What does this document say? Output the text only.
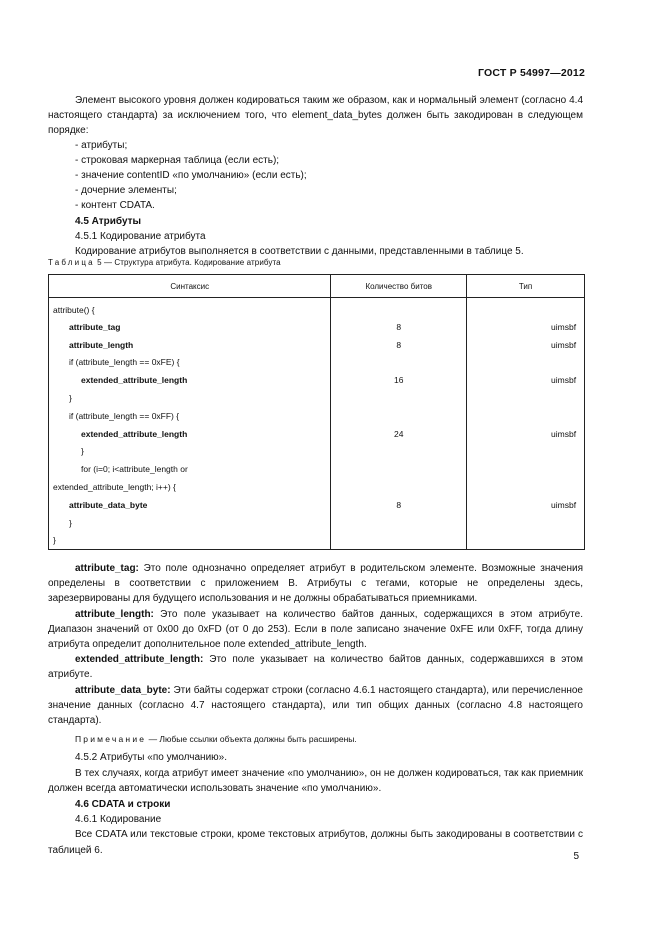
ГОСТ Р 54997—2012

Элемент высокого уровня должен кодироваться таким же образом, как и нормальный элемент (согласно 4.4 настоящего стандарта) за исключением того, что element_data_bytes должен быть закодирован в следующем порядке:

- атрибуты;

- строковая маркерная таблица (если есть);

- значение contentID «по умолчанию» (если есть);

- дочерние элементы;

- контент CDATA.

4.5 Атрибуты

4.5.1 Кодирование атрибута

Кодирование атрибутов выполняется в соответствии с данными, представленными в таблице 5.

Таблица 5 — Структура атрибута. Кодирование атрибута
Синтаксис	Количество битов	Тип
attribute() {		
attribute_tag	8	uimsbf
attribute_length	8	uimsbf
if (attribute_length == 0xFE) {		
extended_attribute_length	16	uimsbf
}		
if (attribute_length == 0xFF) {		
extended_attribute_length	24	uimsbf
}		
for (i=0; i<attribute_length or		
extended_attribute_length; i++) {		
attribute_data_byte	8	uimsbf
}		
}		

attribute_tag: Это поле однозначно определяет атрибут в родительском элементе. Возможные значения определены в соответствии с приложением В. Атрибуты с тегами, которые не определены здесь, зарезервированы для будущего использования и не должны обрабатываться приемниками.

attribute_length: Это поле указывает на количество байтов данных, содержащихся в этом атрибуте. Диапазон значений от 0x00 до 0xFD (от 0 до 253). Если в поле записано значение 0xFE или 0xFF, тогда длину атрибута определит дополнительное поле extended_attribute_length.

extended_attribute_length: Это поле указывает на количество байтов данных, содержавшихся в этом атрибуте.

attribute_data_byte: Эти байты содержат строки (согласно 4.6.1 настоящего стандарта), или перечисленное значение данных (согласно 4.7 настоящего стандарта), или тип общих данных (согласно 4.8 настоящего стандарта).

Примечание — Любые ссылки объекта должны быть расширены.

4.5.2 Атрибуты «по умолчанию».

В тех случаях, когда атрибут имеет значение «по умолчанию», он не должен кодироваться, так как приемник должен всегда автоматически использовать значение «по умолчанию».

4.6 CDATA и строки

4.6.1 Кодирование

Все CDATA или текстовые строки, кроме текстовых атрибутов, должны быть закодированы в соответствии с таблицей 6.

5
